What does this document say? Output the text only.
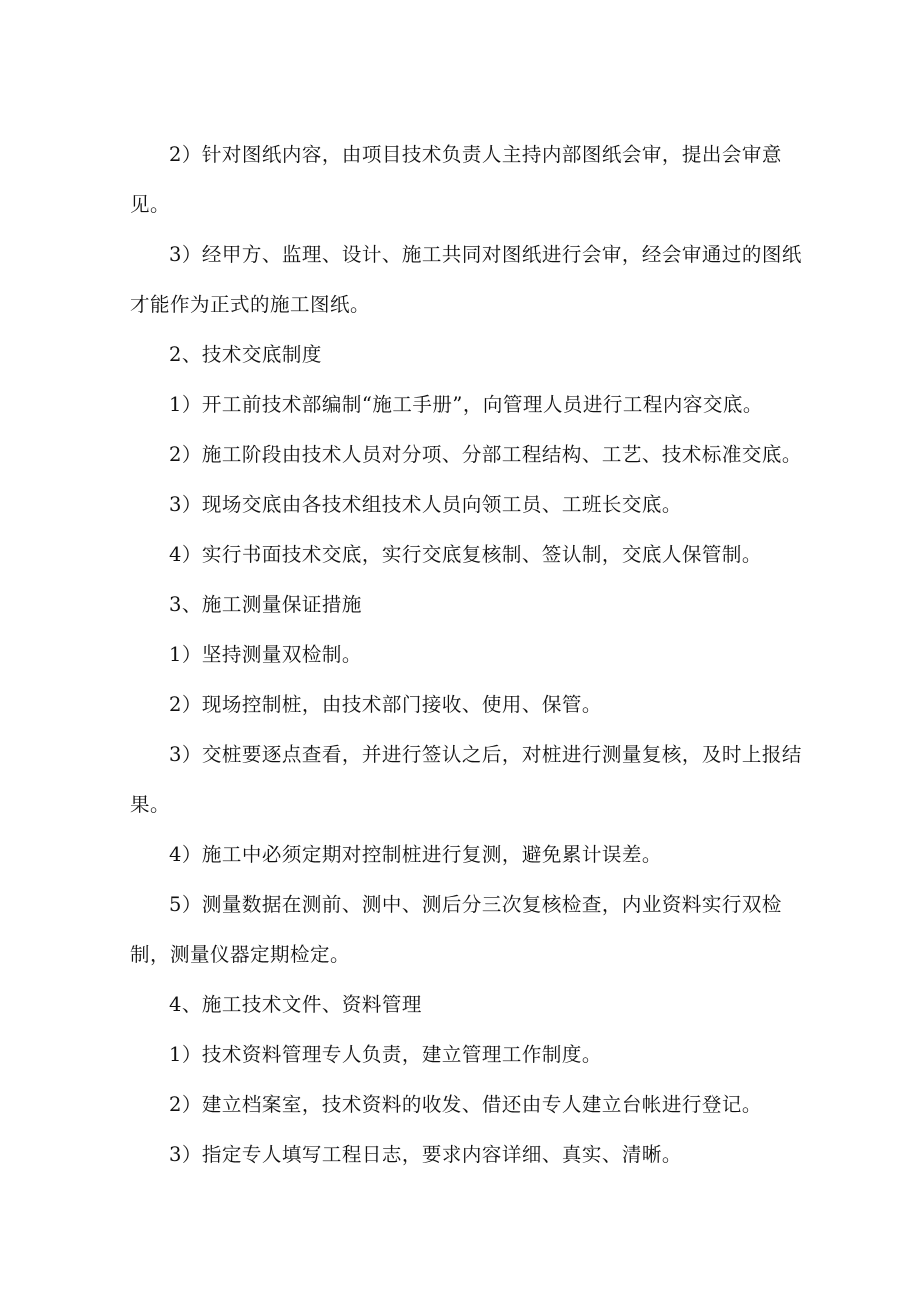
2）针对图纸内容，由项目技术负责人主持内部图纸会审，提出会审意见。

3）经甲方、监理、设计、施工共同对图纸进行会审，经会审通过的图纸才能作为正式的施工图纸。

2、技术交底制度

1）开工前技术部编制“施工手册”，向管理人员进行工程内容交底。

2）施工阶段由技术人员对分项、分部工程结构、工艺、技术标准交底。

3）现场交底由各技术组技术人员向领工员、工班长交底。

4）实行书面技术交底，实行交底复核制、签认制，交底人保管制。

3、施工测量保证措施

1）坚持测量双检制。

2）现场控制桩，由技术部门接收、使用、保管。

3）交桩要逐点查看，并进行签认之后，对桩进行测量复核，及时上报结果。

4）施工中必须定期对控制桩进行复测，避免累计误差。

5）测量数据在测前、测中、测后分三次复核检查，内业资料实行双检制，测量仪器定期检定。

4、施工技术文件、资料管理

1）技术资料管理专人负责，建立管理工作制度。

2）建立档案室，技术资料的收发、借还由专人建立台帐进行登记。

3）指定专人填写工程日志，要求内容详细、真实、清晰。
